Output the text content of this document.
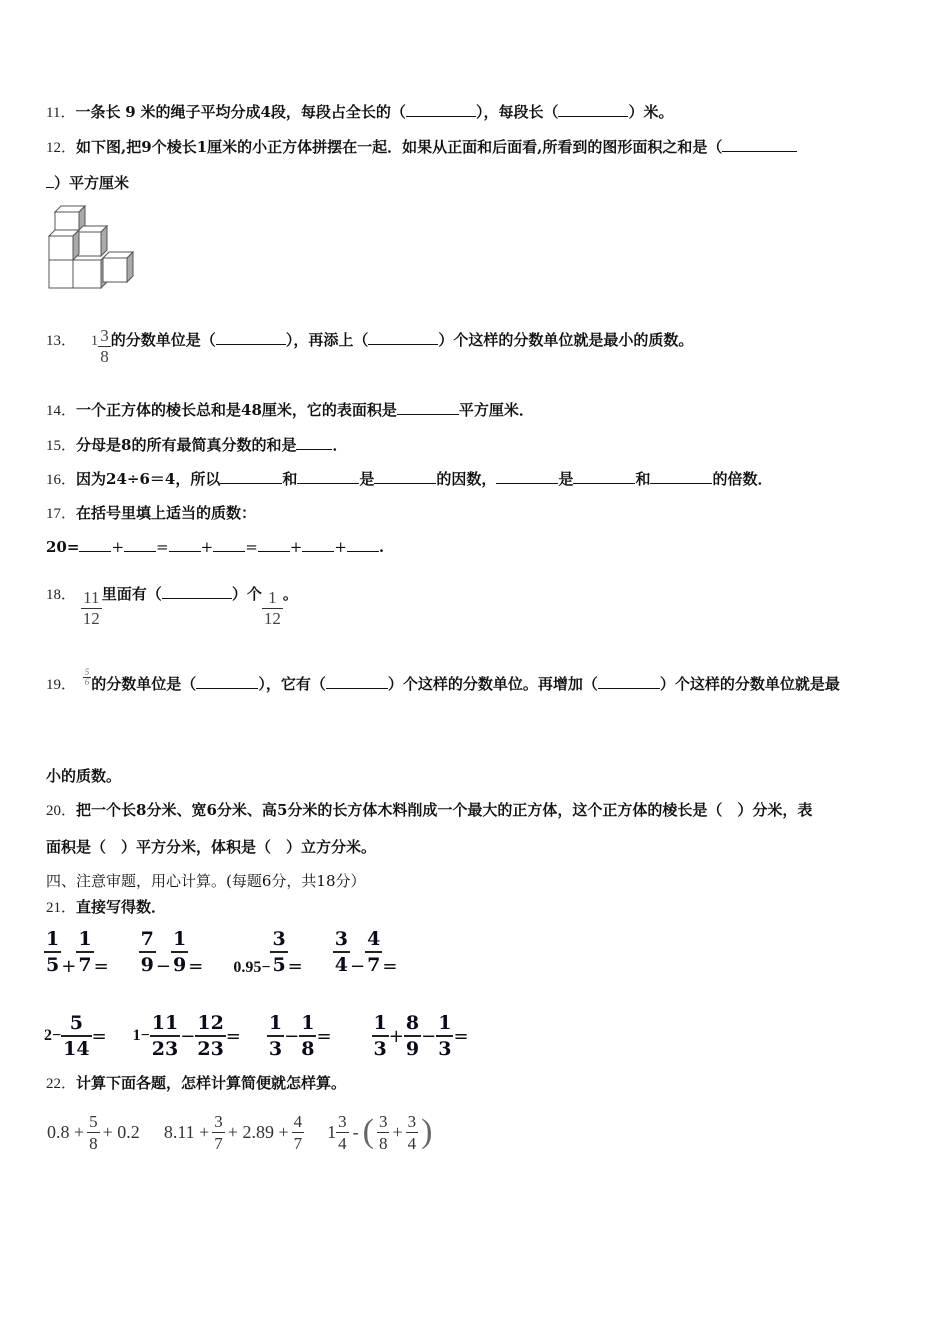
11．一条长 9 米的绳子平均分成4段，每段占全长的（	），每段长（	）米。
12．如下图,把9个棱长1厘米的小正方体拼摆在一起．如果从正面和后面看,所看到的图形面积之和是（
）平方厘米
13． $1 \frac{3}{8}$ 的分数单位是（	），再添上（	）个这样的分数单位就是最小的质数。
14．一个正方体的棱长总和是48厘米，它的表面积是	平方厘米．
15．分母是8的所有最简真分数的和是 ．
16．因为24÷6＝4，所以	和	是	的因数，	是	和	的倍数．
17．在括号里填上适当的质数：
20= + = + = + + .
18． $\frac{11}{12}$ 里面有（	）个 $\frac{1}{12}$ 。
19． $\frac{5}{6}$ 的分数单位是（	），它有（	）个这样的分数单位。再增加（	）个这样的分数单位就是最
小的质数。
20．把一个长8分米、宽6分米、高5分米的长方体木料削成一个最大的正方体，这个正方体的棱长是（　）分米，表
面积是（　）平方分米，体积是（　）立方分米。
四、注意审题，用心计算。(每题6分，共18分）
21．直接写得数．
$\frac{1}{5} + \frac{1}{7} = \frac{7}{9} - \frac{1}{9} = 0.95- \frac{3}{5} = \frac{3}{4} - \frac{4}{7}$ =
$2- \frac{5}{14} = 1- \frac{11}{23} - \frac{12}{23} = \frac{1}{3} - \frac{1}{8} = \frac{1}{3} + \frac{8}{9} - \frac{1}{3}$ =
22．计算下面各题，怎样计算简便就怎样算。
$0.8 + \frac{5}{8} + 0.2$ $8.11 + \frac{3}{7} + 2.89 + \frac{4}{7} 1 \frac{3}{4}$ - ( $\frac{3}{8} + \frac{3}{4}$ )
